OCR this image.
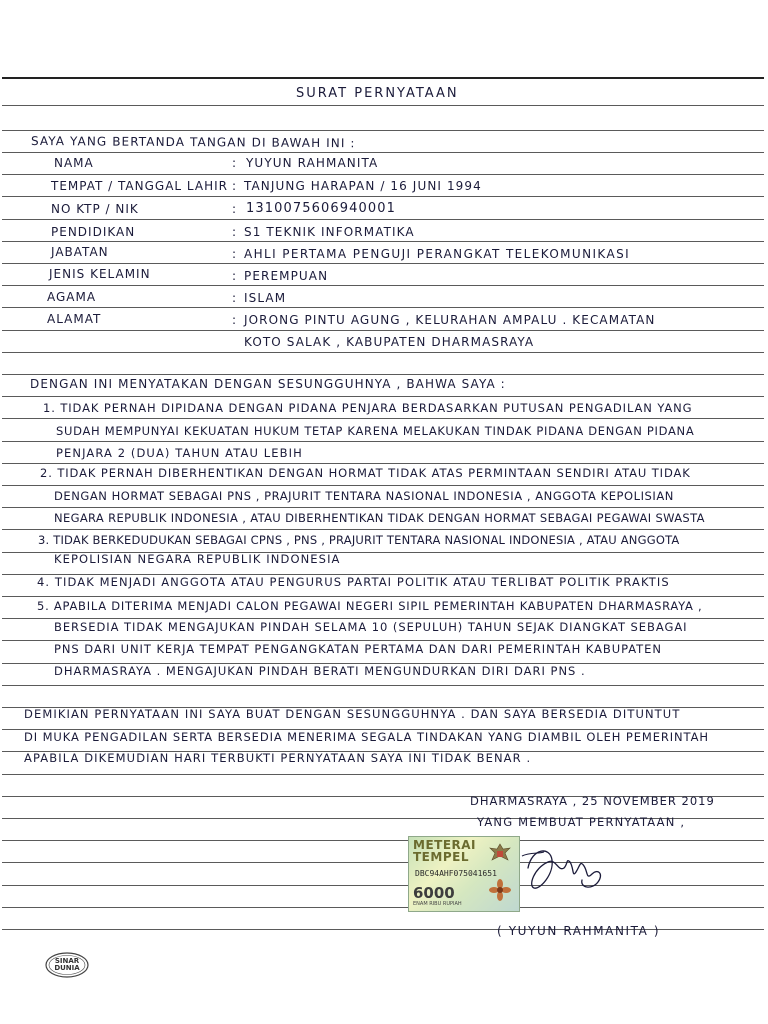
SURAT PERNYATAAN
SAYA YANG BERTANDA TANGAN DI BAWAH INI :
NAMA	: YUYUN RAHMANITA
TEMPAT / TANGGAL LAHIR : TANJUNG HARAPAN / 16 JUNI 1994
NO KTP / NIK	: 1310075606940001
PENDIDIKAN	: S1 TEKNIK INFORMATIKA
JABATAN	: AHLI PERTAMA PENGUJI PERANGKAT TELEKOMUNIKASI
JENIS KELAMIN	: PEREMPUAN
AGAMA	: ISLAM
ALAMAT	: JORONG PINTU AGUNG , KELURAHAN AMPALU . KECAMATAN
KOTO SALAK , KABUPATEN DHARMASRAYA
DENGAN INI MENYATAKAN DENGAN SESUNGGUHNYA , BAHWA SAYA :
1. TIDAK PERNAH DIPIDANA DENGAN PIDANA PENJARA BERDASARKAN PUTUSAN PENGADILAN YANG
SUDAH MEMPUNYAI KEKUATAN HUKUM TETAP KARENA MELAKUKAN TINDAK PIDANA DENGAN PIDANA
PENJARA 2 (DUA) TAHUN ATAU LEBIH
2. TIDAK PERNAH DIBERHENTIKAN DENGAN HORMAT TIDAK ATAS PERMINTAAN SENDIRI ATAU TIDAK
DENGAN HORMAT SEBAGAI PNS , PRAJURIT TENTARA NASIONAL INDONESIA , ANGGOTA KEPOLISIAN
NEGARA REPUBLIK INDONESIA , ATAU DIBERHENTIKAN TIDAK DENGAN HORMAT SEBAGAI PEGAWAI SWASTA
3. TIDAK BERKEDUDUKAN SEBAGAI CPNS , PNS , PRAJURIT TENTARA NASIONAL INDONESIA , ATAU ANGGOTA
KEPOLISIAN NEGARA REPUBLIK INDONESIA
4. TIDAK MENJADI ANGGOTA ATAU PENGURUS PARTAI POLITIK ATAU TERLIBAT POLITIK PRAKTIS
5. APABILA DITERIMA MENJADI CALON PEGAWAI NEGERI SIPIL PEMERINTAH KABUPATEN DHARMASRAYA ,
BERSEDIA TIDAK MENGAJUKAN PINDAH SELAMA 10 (SEPULUH) TAHUN SEJAK DIANGKAT SEBAGAI
PNS DARI UNIT KERJA TEMPAT PENGANGKATAN PERTAMA DAN DARI PEMERINTAH KABUPATEN
DHARMASRAYA . MENGAJUKAN PINDAH BERATI MENGUNDURKAN DIRI DARI PNS .
DEMIKIAN PERNYATAAN INI SAYA BUAT DENGAN SESUNGGUHNYA . DAN SAYA BERSEDIA DITUNTUT
DI MUKA PENGADILAN SERTA BERSEDIA MENERIMA SEGALA TINDAKAN YANG DIAMBIL OLEH PEMERINTAH
APABILA DIKEMUDIAN HARI TERBUKTI PERNYATAAN SAYA INI TIDAK BENAR .
DHARMASRAYA , 25 NOVEMBER 2019
YANG MEMBUAT PERNYATAAN ,
METERAI
TEMPEL
DBC94AHF075041651
6000
ENAM RIBU RUPIAH
( YUYUN RAHMANITA )
SINAR
DUNIA
